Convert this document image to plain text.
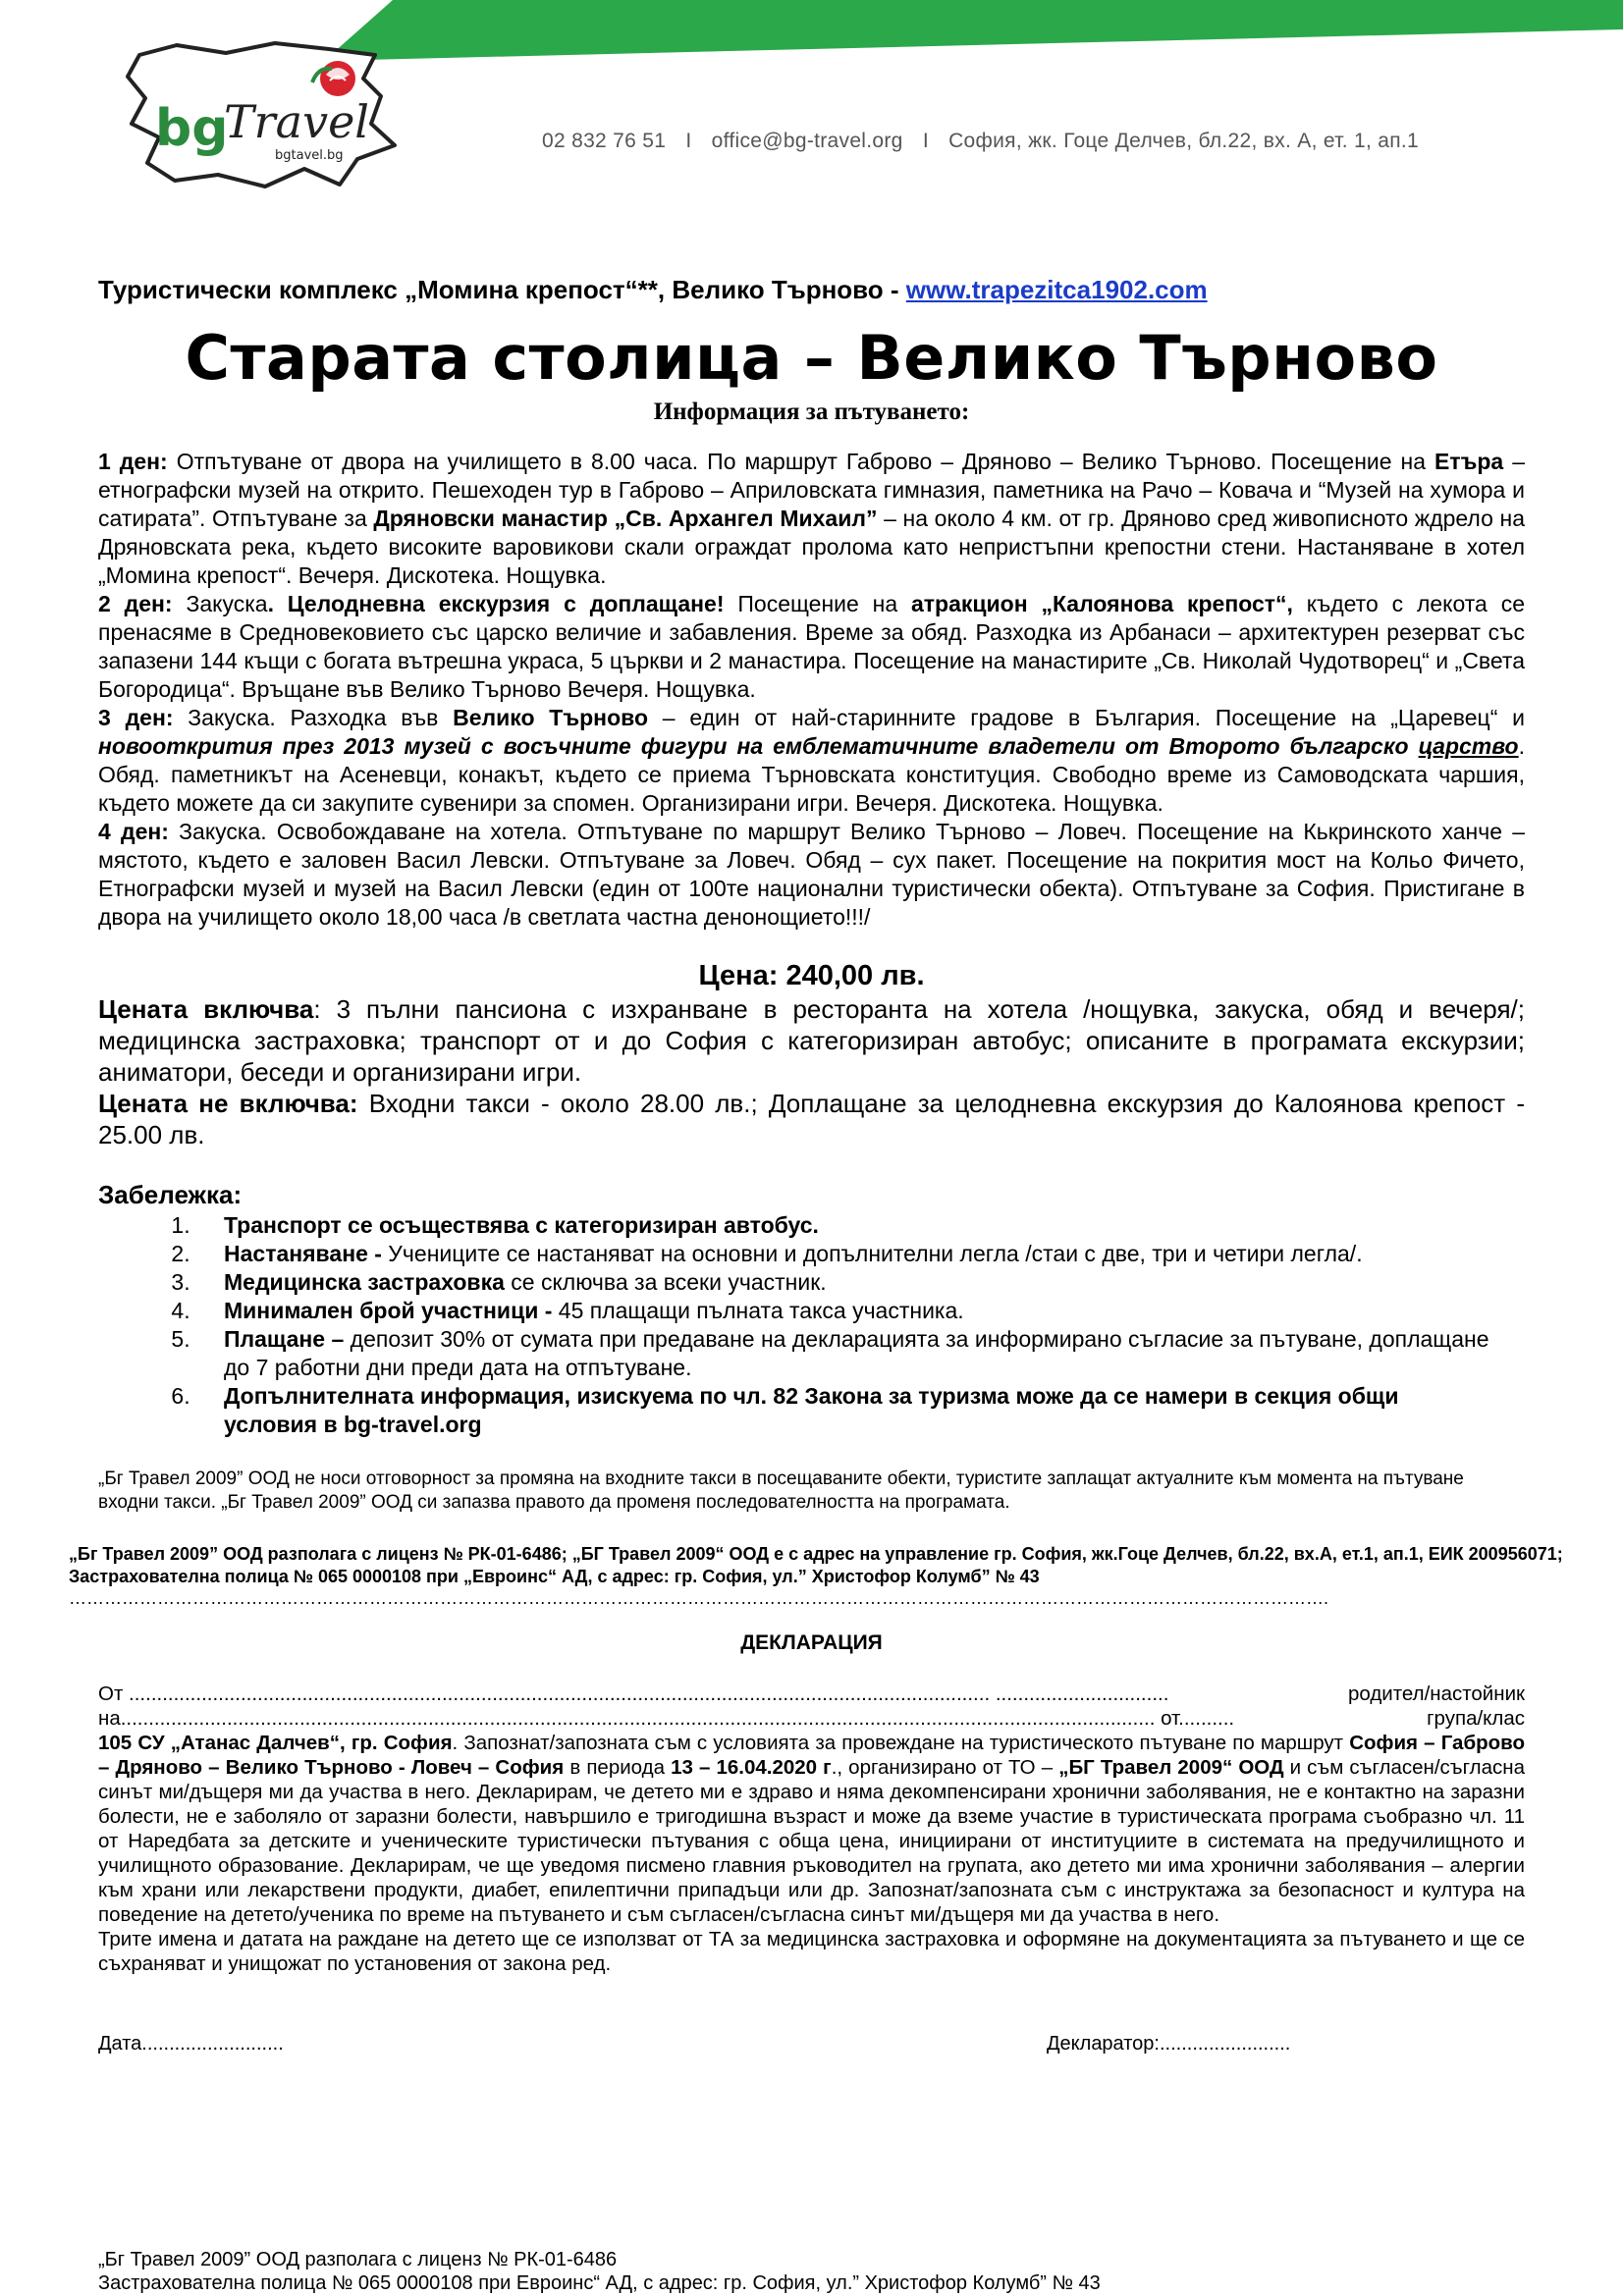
bg
Travel
bgtavel.bg
02 832 76 51 I office@bg-travel.org I София, жк. Гоце Делчев, бл.22, вх. А, ет. 1, ап.1
Туристически комплекс „Момина крепост“**, Велико Търново - www.trapezitca1902.com
Старата столица – Велико Търново
Информация за пътуването:

1 ден: Отпътуване от двора на училището в 8.00 часа. По маршрут Габрово – Дряново – Велико Търново. Посещение на Етъра – етнографски музей на открито. Пешеходен тур в Габрово – Априловската гимназия, паметника на Рачо – Ковача и “Музей на хумора и сатирата”. Отпътуване за Дряновски манастир „Св. Архангел Михаил” – на около 4 км. от гр. Дряново сред живописното ждрело на Дряновската река, където високите варовикови скали ограждат пролома като непристъпни крепостни стени. Настаняване в хотел „Момина крепост“. Вечеря. Дискотека. Нощувка.

2 ден: Закуска. Целодневна екскурзия с доплащане! Посещение на атракцион „Калоянова крепост“, където с лекота се пренасяме в Средновековието със царско величие и забавления. Време за обяд. Разходка из Арбанаси – архитектурен резерват със запазени 144 къщи с богата вътрешна украса, 5 църкви и 2 манастира. Посещение на манастирите „Св. Николай Чудотворец“ и „Света Богородица“. Връщане във Велико Търново Вечеря. Нощувка.

3 ден: Закуска. Разходка във Велико Търново – един от най-старинните градове в България. Посещение на „Царевец“ и новооткрития през 2013 музей с восъчните фигури на емблематичните владетели от Второто българско царство. Обяд. паметникът на Асеневци, конакът, където се приема Търновската конституция. Свободно време из Самоводската чаршия, където можете да си закупите сувенири за спомен. Организирани игри. Вечеря. Дискотека. Нощувка.

4 ден: Закуска. Освобождаване на хотела. Отпътуване по маршрут Велико Търново – Ловеч. Посещение на Кькринското ханче – мястото, където е заловен Васил Левски. Отпътуване за Ловеч. Обяд – сух пакет. Посещение на покрития мост на Кольо Фичето, Етнографски музей и музей на Васил Левски (един от 100те национални туристически обекта). Отпътуване за София. Пристигане в двора на училището около 18,00 часа /в светлата частна денонощието!!!/

Цена: 240,00 лв.

Цената включва: 3 пълни пансиона с изхранване в ресторанта на хотела /нощувка, закуска, обяд и вечеря/; медицинска застраховка; транспорт от и до София с категоризиран автобус; описаните в програмата екскурзии; аниматори, беседи и организирани игри.

Цената не включва: Входни такси - около 28.00 лв.; Доплащане за целодневна екскурзия до Калоянова крепост - 25.00 лв.

Забележка:
1. Транспорт се осъществява с категоризиран автобус.
2. Настаняване - Учениците се настаняват на основни и допълнителни легла /стаи с две, три и четири легла/.
3. Медицинска застраховка се сключва за всеки участник.
4. Минимален брой участници - 45 плащащи пълната такса участника.
5. Плащане – депозит 30% от сумата при предаване на декларацията за информирано съгласие за пътуване, доплащане до 7 работни дни преди дата на отпътуване.
6. Допълнителната информация, изискуема по чл. 82 Закона за туризма може да се намери в секция общи условия в bg-travel.org
„Бг Травел 2009” ООД не носи отговорност за промяна на входните такси в посещаваните обекти, туристите заплащат актуалните към момента на пътуване входни такси. „Бг Травел 2009” ООД си запазва правото да променя последователността на програмата.
„Бг Травел 2009” ООД разполага с лиценз № РК-01-6486; „БГ Травел 2009“ ООД е с адрес на управление гр. София, жк.Гоце Делчев, бл.22, вх.А, ет.1, ап.1, ЕИК 200956071; Застрахователна полица № 065 0000108 при „Евроинс“ АД, с адрес: гр. София, ул.” Христофор Колумб” № 43
…………………………………………………………………………………………………………………………………………………………………………………………….
ДЕКЛАРАЦИЯ
От .......................................................................................................................................................... ...............................	родител/настойник
на......................................................................................................................................................................................... от..........	група/клас

105 СУ „Атанас Далчев“, гр. София. Запознат/запозната съм с условията за провеждане на туристическото пътуване по маршрут София – Габрово – Дряново – Велико Търново - Ловеч – София в периода 13 – 16.04.2020 г., организирано от ТО – „БГ Травел 2009“ ООД и съм съгласен/съгласна синът ми/дъщеря ми да участва в него. Декларирам, че детето ми е здраво и няма декомпенсирани хронични заболявания, не е контактно на заразни болести, не е заболяло от заразни болести, навършило е тригодишна възраст и може да вземе участие в туристическата програма съобразно чл. 11 от Наредбата за детските и ученическите туристически пътувания с обща цена, инициирани от институциите в системата на предучилищното и училищното образование. Декларирам, че ще уведомя писмено главния ръководител на групата, ако детето ми има хронични заболявания – алергии към храни или лекарствени продукти, диабет, епилептични припадъци или др. Запознат/запозната съм с инструктажа за безопасност и култура на поведение на детето/ученика по време на пътуването и съм съгласен/съгласна синът ми/дъщеря ми да участва в него.

Трите имена и датата на раждане на детето ще се използват от ТА за медицинска застраховка и оформяне на документацията за пътуването и ще се съхраняват и унищожат по установения от закона ред.

Дата..........................	Декларатор:........................
„Бг Травел 2009” ООД разполага с лиценз № РК-01-6486
Застрахователна полица № 065 0000108 при Евроинс“ АД, с адрес: гр. София, ул.” Христофор Колумб” № 43
